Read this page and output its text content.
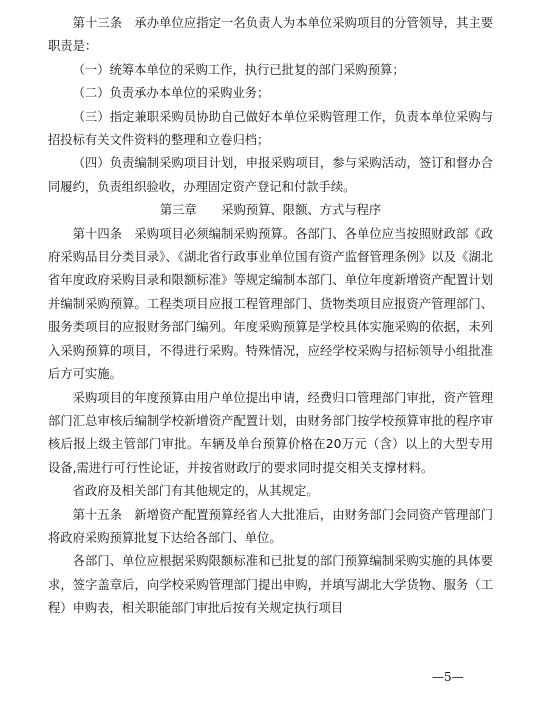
第十三条　承办单位应指定一名负责人为本单位采购项目的分管领导，其主要职责是：

（一）统筹本单位的采购工作，执行已批复的部门采购预算；

（二）负责承办本单位的采购业务；

（三）指定兼职采购员协助自己做好本单位采购管理工作，负责本单位采购与招投标有关文件资料的整理和立卷归档；

（四）负责编制采购项目计划，申报采购项目，参与采购活动，签订和督办合同履约，负责组织验收，办理固定资产登记和付款手续。

第三章　　采购预算、限额、方式与程序

第十四条　采购项目必须编制采购预算。各部门、各单位应当按照财政部《政府采购品目分类目录》、《湖北省行政事业单位国有资产监督管理条例》以及《湖北省年度政府采购目录和限额标准》等规定编制本部门、单位年度新增资产配置计划并编制采购预算。工程类项目应报工程管理部门、货物类项目应报资产管理部门、服务类项目的应报财务部门编列。年度采购预算是学校具体实施采购的依据，未列入采购预算的项目，不得进行采购。特殊情况，应经学校采购与招标领导小组批准后方可实施。

采购项目的年度预算由用户单位提出申请，经费归口管理部门审批，资产管理部门汇总审核后编制学校新增资产配置计划，由财务部门按学校预算审批的程序审核后报上级主管部门审批。车辆及单台预算价格在20万元（含）以上的大型专用设备,需进行可行性论证，并按省财政厅的要求同时提交相关支撑材料。

省政府及相关部门有其他规定的，从其规定。

第十五条　新增资产配置预算经省人大批准后，由财务部门会同资产管理部门将政府采购预算批复下达给各部门、单位。

各部门、单位应根据采购限额标准和已批复的部门预算编制采购实施的具体要求，签字盖章后，向学校采购管理部门提出申购，并填写湖北大学货物、服务（工程）申购表，相关职能部门审批后按有关规定执行项目

—5—
